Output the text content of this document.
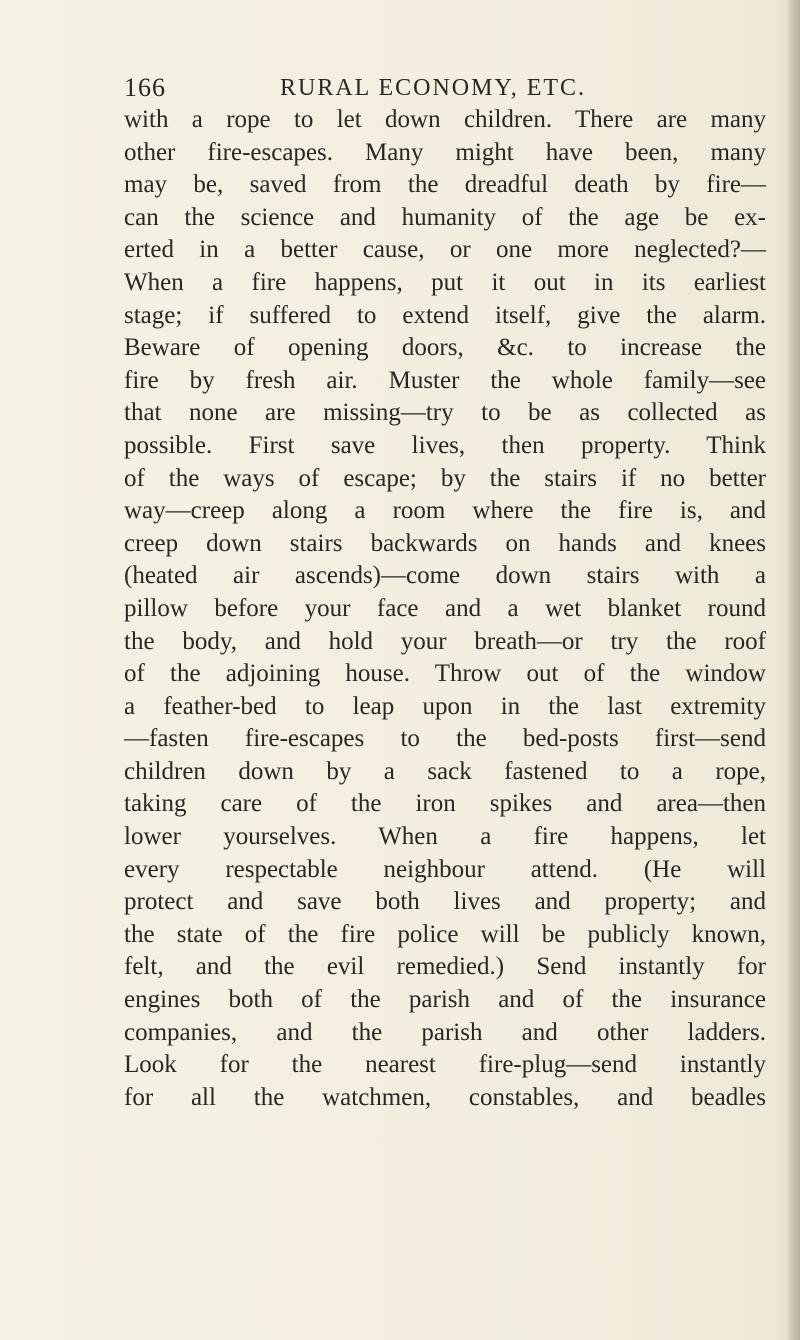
166	RURAL ECONOMY, ETC.
with a rope to let down children. There are many
other fire-escapes. Many might have been, many
may be, saved from the dreadful death by fire—
can the science and humanity of the age be ex-
erted in a better cause, or one more neglected?—
When a fire happens, put it out in its earliest
stage; if suffered to extend itself, give the alarm.
Beware of opening doors, &c. to increase the
fire by fresh air. Muster the whole family—see
that none are missing—try to be as collected as
possible. First save lives, then property. Think
of the ways of escape; by the stairs if no better
way—creep along a room where the fire is, and
creep down stairs backwards on hands and knees
(heated air ascends)—come down stairs with a
pillow before your face and a wet blanket round
the body, and hold your breath—or try the roof
of the adjoining house. Throw out of the window
a feather-bed to leap upon in the last extremity
—fasten fire-escapes to the bed-posts first—send
children down by a sack fastened to a rope,
taking care of the iron spikes and area—then
lower yourselves. When a fire happens, let
every respectable neighbour attend. (He will
protect and save both lives and property; and
the state of the fire police will be publicly known,
felt, and the evil remedied.) Send instantly for
engines both of the parish and of the insurance
companies, and the parish and other ladders.
Look for the nearest fire-plug—send instantly
for all the watchmen, constables, and beadles
